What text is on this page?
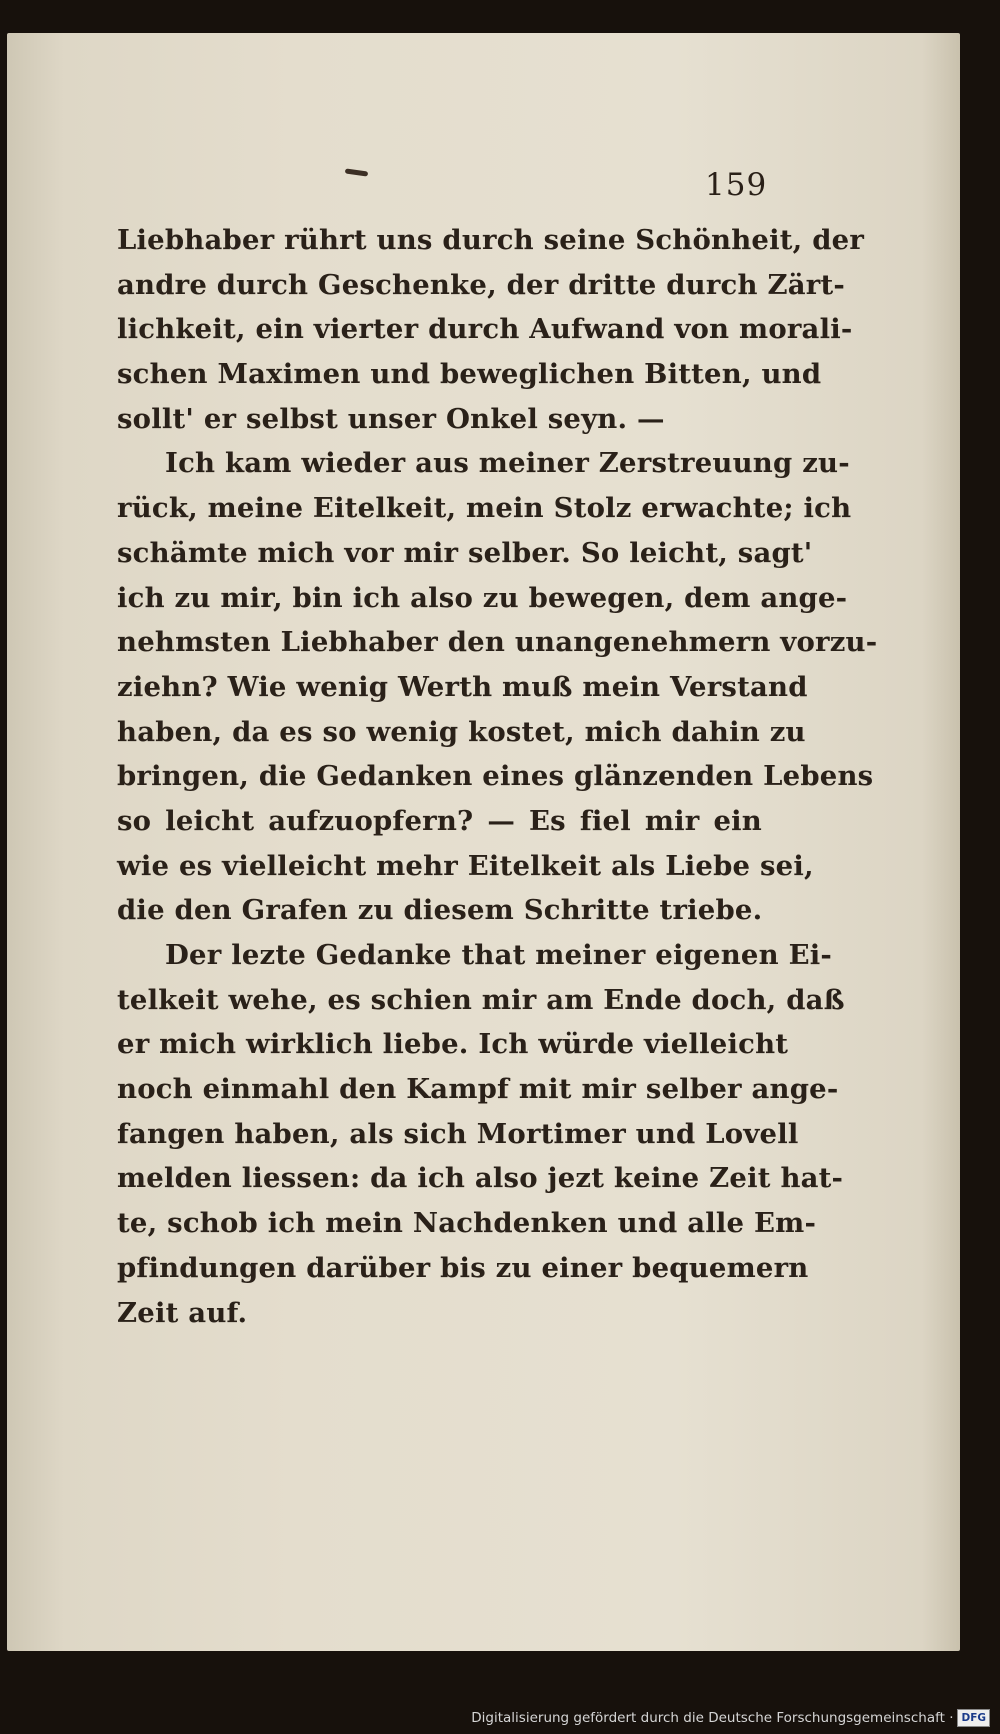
159
Liebhaber rührt uns durch seine Schönheit, der
andre durch Geschenke, der dritte durch Zärt-
lichkeit, ein vierter durch Aufwand von morali-
schen Maximen und beweglichen Bitten, und
sollt' er selbst unser Onkel seyn. —
Ich kam wieder aus meiner Zerstreuung zu-
rück, meine Eitelkeit, mein Stolz erwachte; ich
schämte mich vor mir selber. So leicht, sagt'
ich zu mir, bin ich also zu bewegen, dem ange-
nehmsten Liebhaber den unangenehmern vorzu-
ziehn? Wie wenig Werth muß mein Verstand
haben, da es so wenig kostet, mich dahin zu
bringen, die Gedanken eines glänzenden Lebens
so leicht aufzuopfern? — Es fiel mir ein
wie es vielleicht mehr Eitelkeit als Liebe sei,
die den Grafen zu diesem Schritte triebe.
Der lezte Gedanke that meiner eigenen Ei-
telkeit wehe, es schien mir am Ende doch, daß
er mich wirklich liebe. Ich würde vielleicht
noch einmahl den Kampf mit mir selber ange-
fangen haben, als sich Mortimer und Lovell
melden liessen: da ich also jezt keine Zeit hat-
te, schob ich mein Nachdenken und alle Em-
pfindungen darüber bis zu einer bequemern
Zeit auf.
Digitalisierung gefördert durch die Deutsche Forschungsgemeinschaft · DFG
